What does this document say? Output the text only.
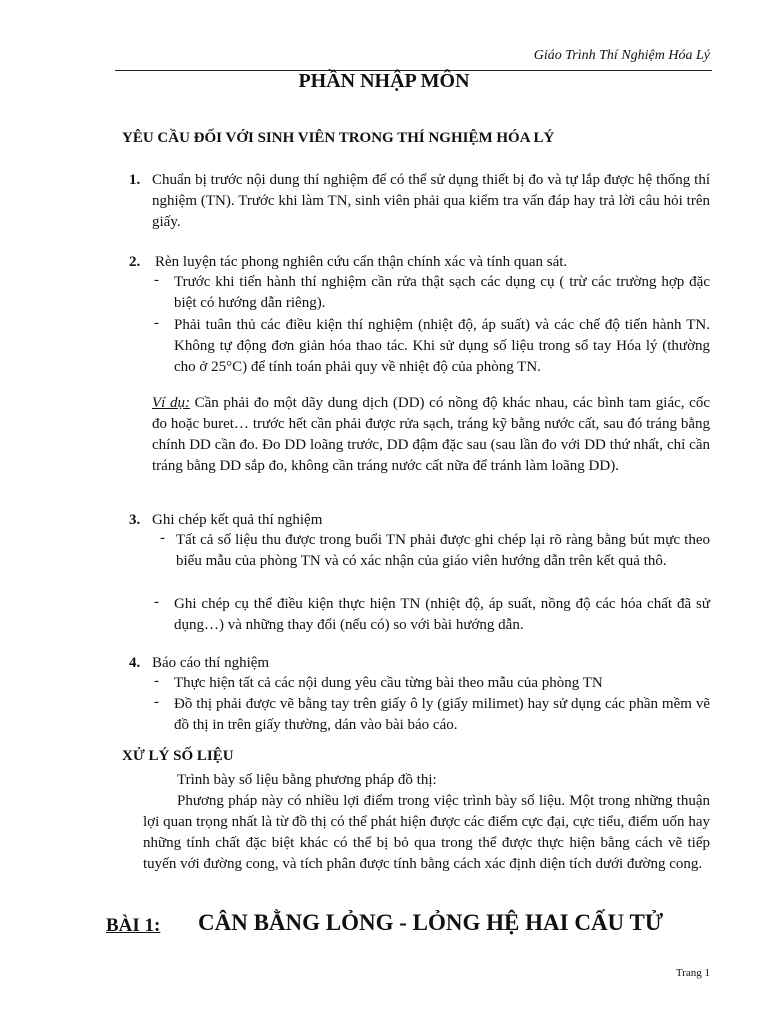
Giáo Trình Thí Nghiệm Hóa Lý
PHẦN NHẬP MÔN
YÊU CẦU ĐỐI VỚI SINH VIÊN TRONG THÍ NGHIỆM HÓA LÝ
1. Chuẩn bị trước nội dung thí nghiệm để có thể sử dụng thiết bị đo và tự lắp được hệ thống thí nghiệm (TN). Trước khi làm TN, sinh viên phải qua kiểm tra vấn đáp hay trả lời câu hỏi trên giấy.
2. Rèn luyện tác phong nghiên cứu cẩn thận chính xác và tính quan sát.
- Trước khi tiến hành thí nghiệm cần rửa thật sạch các dụng cụ ( trừ các trường hợp đặc biệt có hướng dẫn riêng).
- Phải tuân thủ các điều kiện thí nghiệm (nhiệt độ, áp suất) và các chế độ tiến hành TN. Không tự động đơn giản hóa thao tác. Khi sử dụng số liệu trong sổ tay Hóa lý (thường cho ở 25°C) để tính toán phải quy về nhiệt độ của phòng TN.
Ví dụ: Cần phải đo một dãy dung dịch (DD) có nồng độ khác nhau, các bình tam giác, cốc đo hoặc buret… trước hết cần phải được rửa sạch, tráng kỹ bằng nước cất, sau đó tráng bằng chính DD cần đo. Đo DD loãng trước, DD đậm đặc sau (sau lần đo với DD thứ nhất, chỉ cần tráng bằng DD sắp đo, không cần tráng nước cất nữa để tránh làm loãng DD).
3. Ghi chép kết quả thí nghiệm
- Tất cả số liệu thu được trong buổi TN phải được ghi chép lại rõ ràng bằng bút mực theo biểu mẫu của phòng TN và có xác nhận của giáo viên hướng dẫn trên kết quả thô.
- Ghi chép cụ thể điều kiện thực hiện TN (nhiệt độ, áp suất, nồng độ các hóa chất đã sử dụng…) và những thay đổi (nếu có) so với bài hướng dẫn.
4. Báo cáo thí nghiệm
- Thực hiện tất cả các nội dung yêu cầu từng bài theo mẫu của phòng TN
- Đồ thị phải được vẽ bằng tay trên giấy ô ly (giấy milimet) hay sử dụng các phần mềm vẽ đồ thị in trên giấy thường, dán vào bài báo cáo.
XỬ LÝ SỐ LIỆU
Trình bày số liệu bằng phương pháp đồ thị:
Phương pháp này có nhiều lợi điểm trong việc trình bày số liệu. Một trong những thuận lợi quan trọng nhất là từ đồ thị có thể phát hiện được các điểm cực đại, cực tiểu, điểm uốn hay những tính chất đặc biệt khác có thể bị bỏ qua trong thể được thực hiện bằng cách vẽ tiếp tuyến với đường cong, và tích phân được tính bằng cách xác định diện tích dưới đường cong.
BÀI 1: CÂN BẰNG LỎNG - LỎNG HỆ HAI CẤU TỬ
Trang 1
